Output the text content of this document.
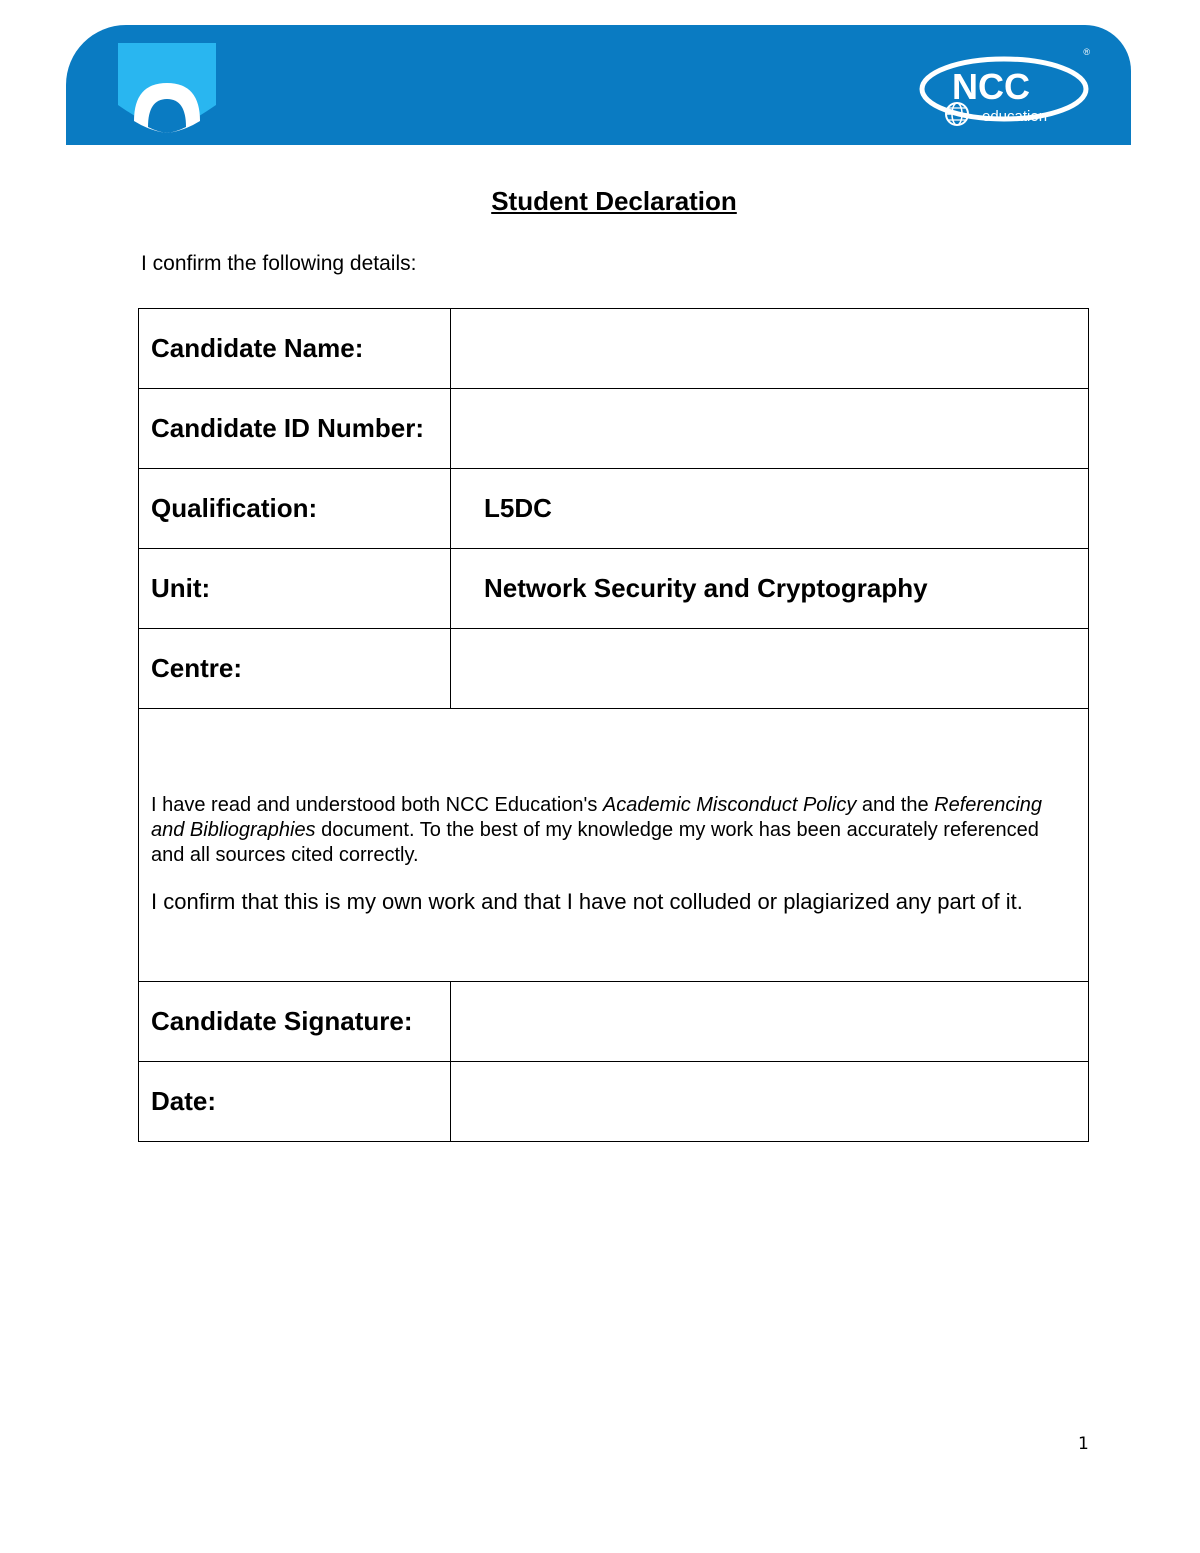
NCC
education
®
Student Declaration
I confirm the following details:
Candidate Name:	
Candidate ID Number:	
Qualification:	L5DC
Unit:	Network Security and Cryptography
Centre:	

I have read and understood both NCC Education's Academic Misconduct Policy and the Referencing and Bibliographies document. To the best of my knowledge my work has been accurately referenced and all sources cited correctly.

I confirm that this is my own work and that I have not colluded or plagiarized any part of it.	

Candidate Signature:	
Date:	
1
